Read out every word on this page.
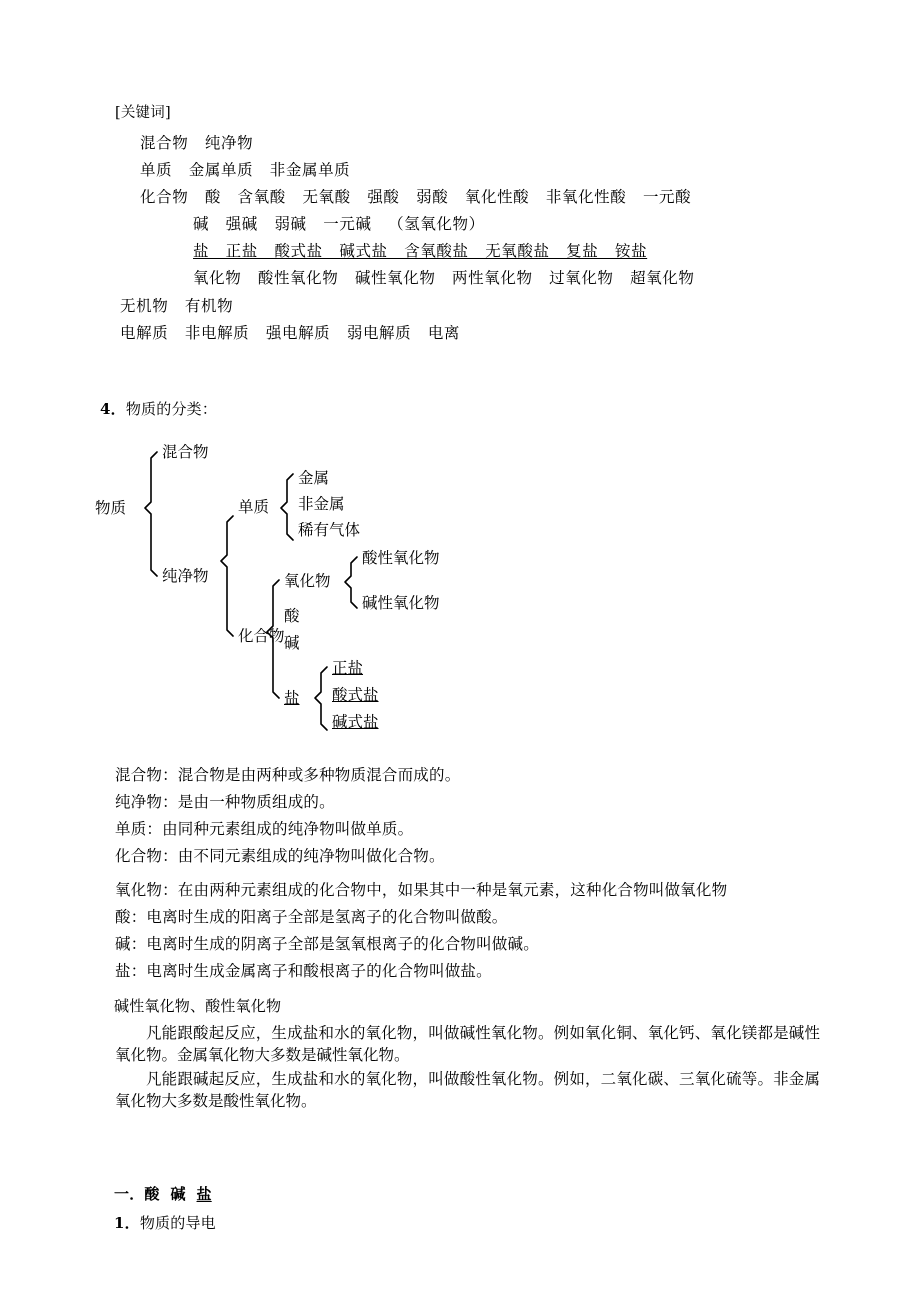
[关键词]
混合物   纯净物
单质   金属单质   非金属单质
化合物   酸   含氧酸   无氧酸   强酸   弱酸   氧化性酸   非氧化性酸   一元酸
碱   强碱   弱碱   一元碱   （氢氧化物）
盐   正盐   酸式盐   碱式盐   含氧酸盐   无氧酸盐   复盐   铵盐
氧化物   酸性氧化物   碱性氧化物   两性氧化物   过氧化物   超氧化物
无机物   有机物
电解质   非电解质   强电解质   弱电解质   电离
4．物质的分类：
物质
混合物
纯净物
单质
化合物
金属
非金属
稀有气体
氧化物
酸
碱
盐
酸性氧化物
碱性氧化物
正盐
酸式盐
碱式盐
混合物：混合物是由两种或多种物质混合而成的。
纯净物：是由一种物质组成的。
单质：由同种元素组成的纯净物叫做单质。
化合物：由不同元素组成的纯净物叫做化合物。
氧化物：在由两种元素组成的化合物中，如果其中一种是氧元素，这种化合物叫做氧化物
酸：电离时生成的阳离子全部是氢离子的化合物叫做酸。
碱：电离时生成的阴离子全部是氢氧根离子的化合物叫做碱。
盐：电离时生成金属离子和酸根离子的化合物叫做盐。
碱性氧化物、酸性氧化物
凡能跟酸起反应，生成盐和水的氧化物，叫做碱性氧化物。例如氧化铜、氧化钙、氧化镁都是碱性氧化物。金属氧化物大多数是碱性氧化物。
凡能跟碱起反应，生成盐和水的氧化物，叫做酸性氧化物。例如，二氧化碳、三氧化硫等。非金属氧化物大多数是酸性氧化物。
一．酸  碱  盐
1．物质的导电
